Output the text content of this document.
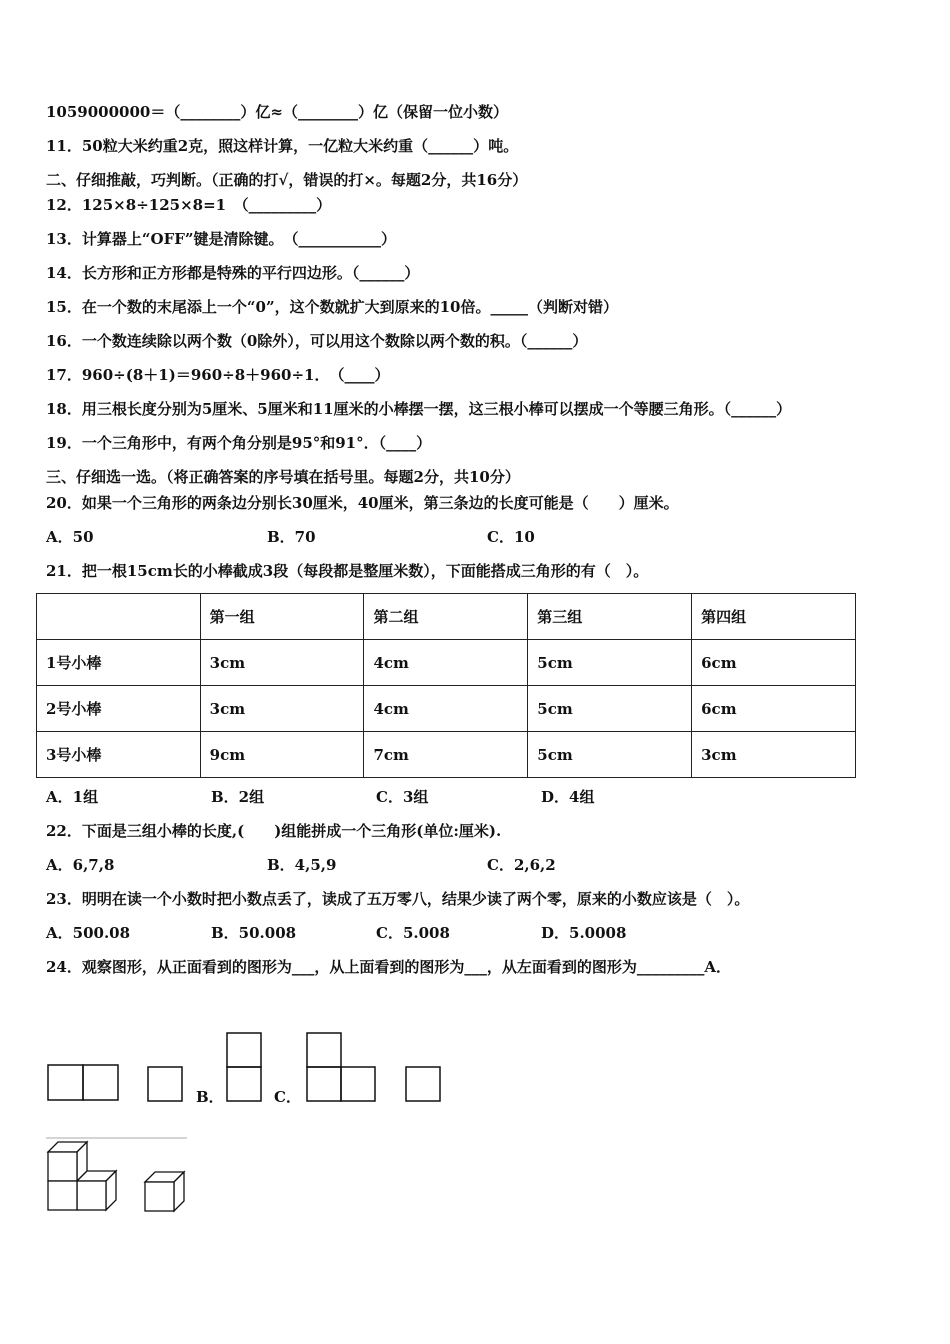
1059000000＝（________）亿≈（________）亿（保留一位小数）
11．50粒大米约重2克，照这样计算，一亿粒大米约重（______）吨。
二、仔细推敲，巧判断。（正确的打√，错误的打×。每题2分，共16分）
12．125×8÷125×8=1　（_________）
13．计算器上“OFF”键是清除键。　（___________）
14．长方形和正方形都是特殊的平行四边形。（______）
15．在一个数的末尾添上一个“0”，这个数就扩大到原来的10倍。_____（判断对错）
16．一个数连续除以两个数（0除外），可以用这个数除以两个数的积。（______）
17．960÷(8＋1)＝960÷8＋960÷1．　（____）
18．用三根长度分别为5厘米、5厘米和11厘米的小棒摆一摆，这三根小棒可以摆成一个等腰三角形。（______）
19．一个三角形中，有两个角分别是95°和91°．（____）
三、仔细选一选。（将正确答案的序号填在括号里。每题2分，共10分）
20．如果一个三角形的两条边分别长30厘米，40厘米，第三条边的长度可能是（　　）厘米。
A．50	B．70	C．10
21．把一根15cm长的小棒截成3段（每段都是整厘米数），下面能搭成三角形的有（　）。
	第一组	第二组	第三组	第四组
1号小棒	3cm	4cm	5cm	6cm
2号小棒	3cm	4cm	5cm	6cm
3号小棒	9cm	7cm	5cm	3cm
A．1组	B．2组	C．3组	D．4组
22．下面是三组小棒的长度,(　　)组能拼成一个三角形(单位:厘米).
A．6,7,8	B．4,5,9	C．2,6,2
23．明明在读一个小数时把小数点丢了，读成了五万零八，结果少读了两个零，原来的小数应该是（　）。
A．500.08	B．50.008	C．5.008	D．5.0008
24．观察图形，从正面看到的图形为___，从上面看到的图形为___，从左面看到的图形为_________A．
B．	C．
